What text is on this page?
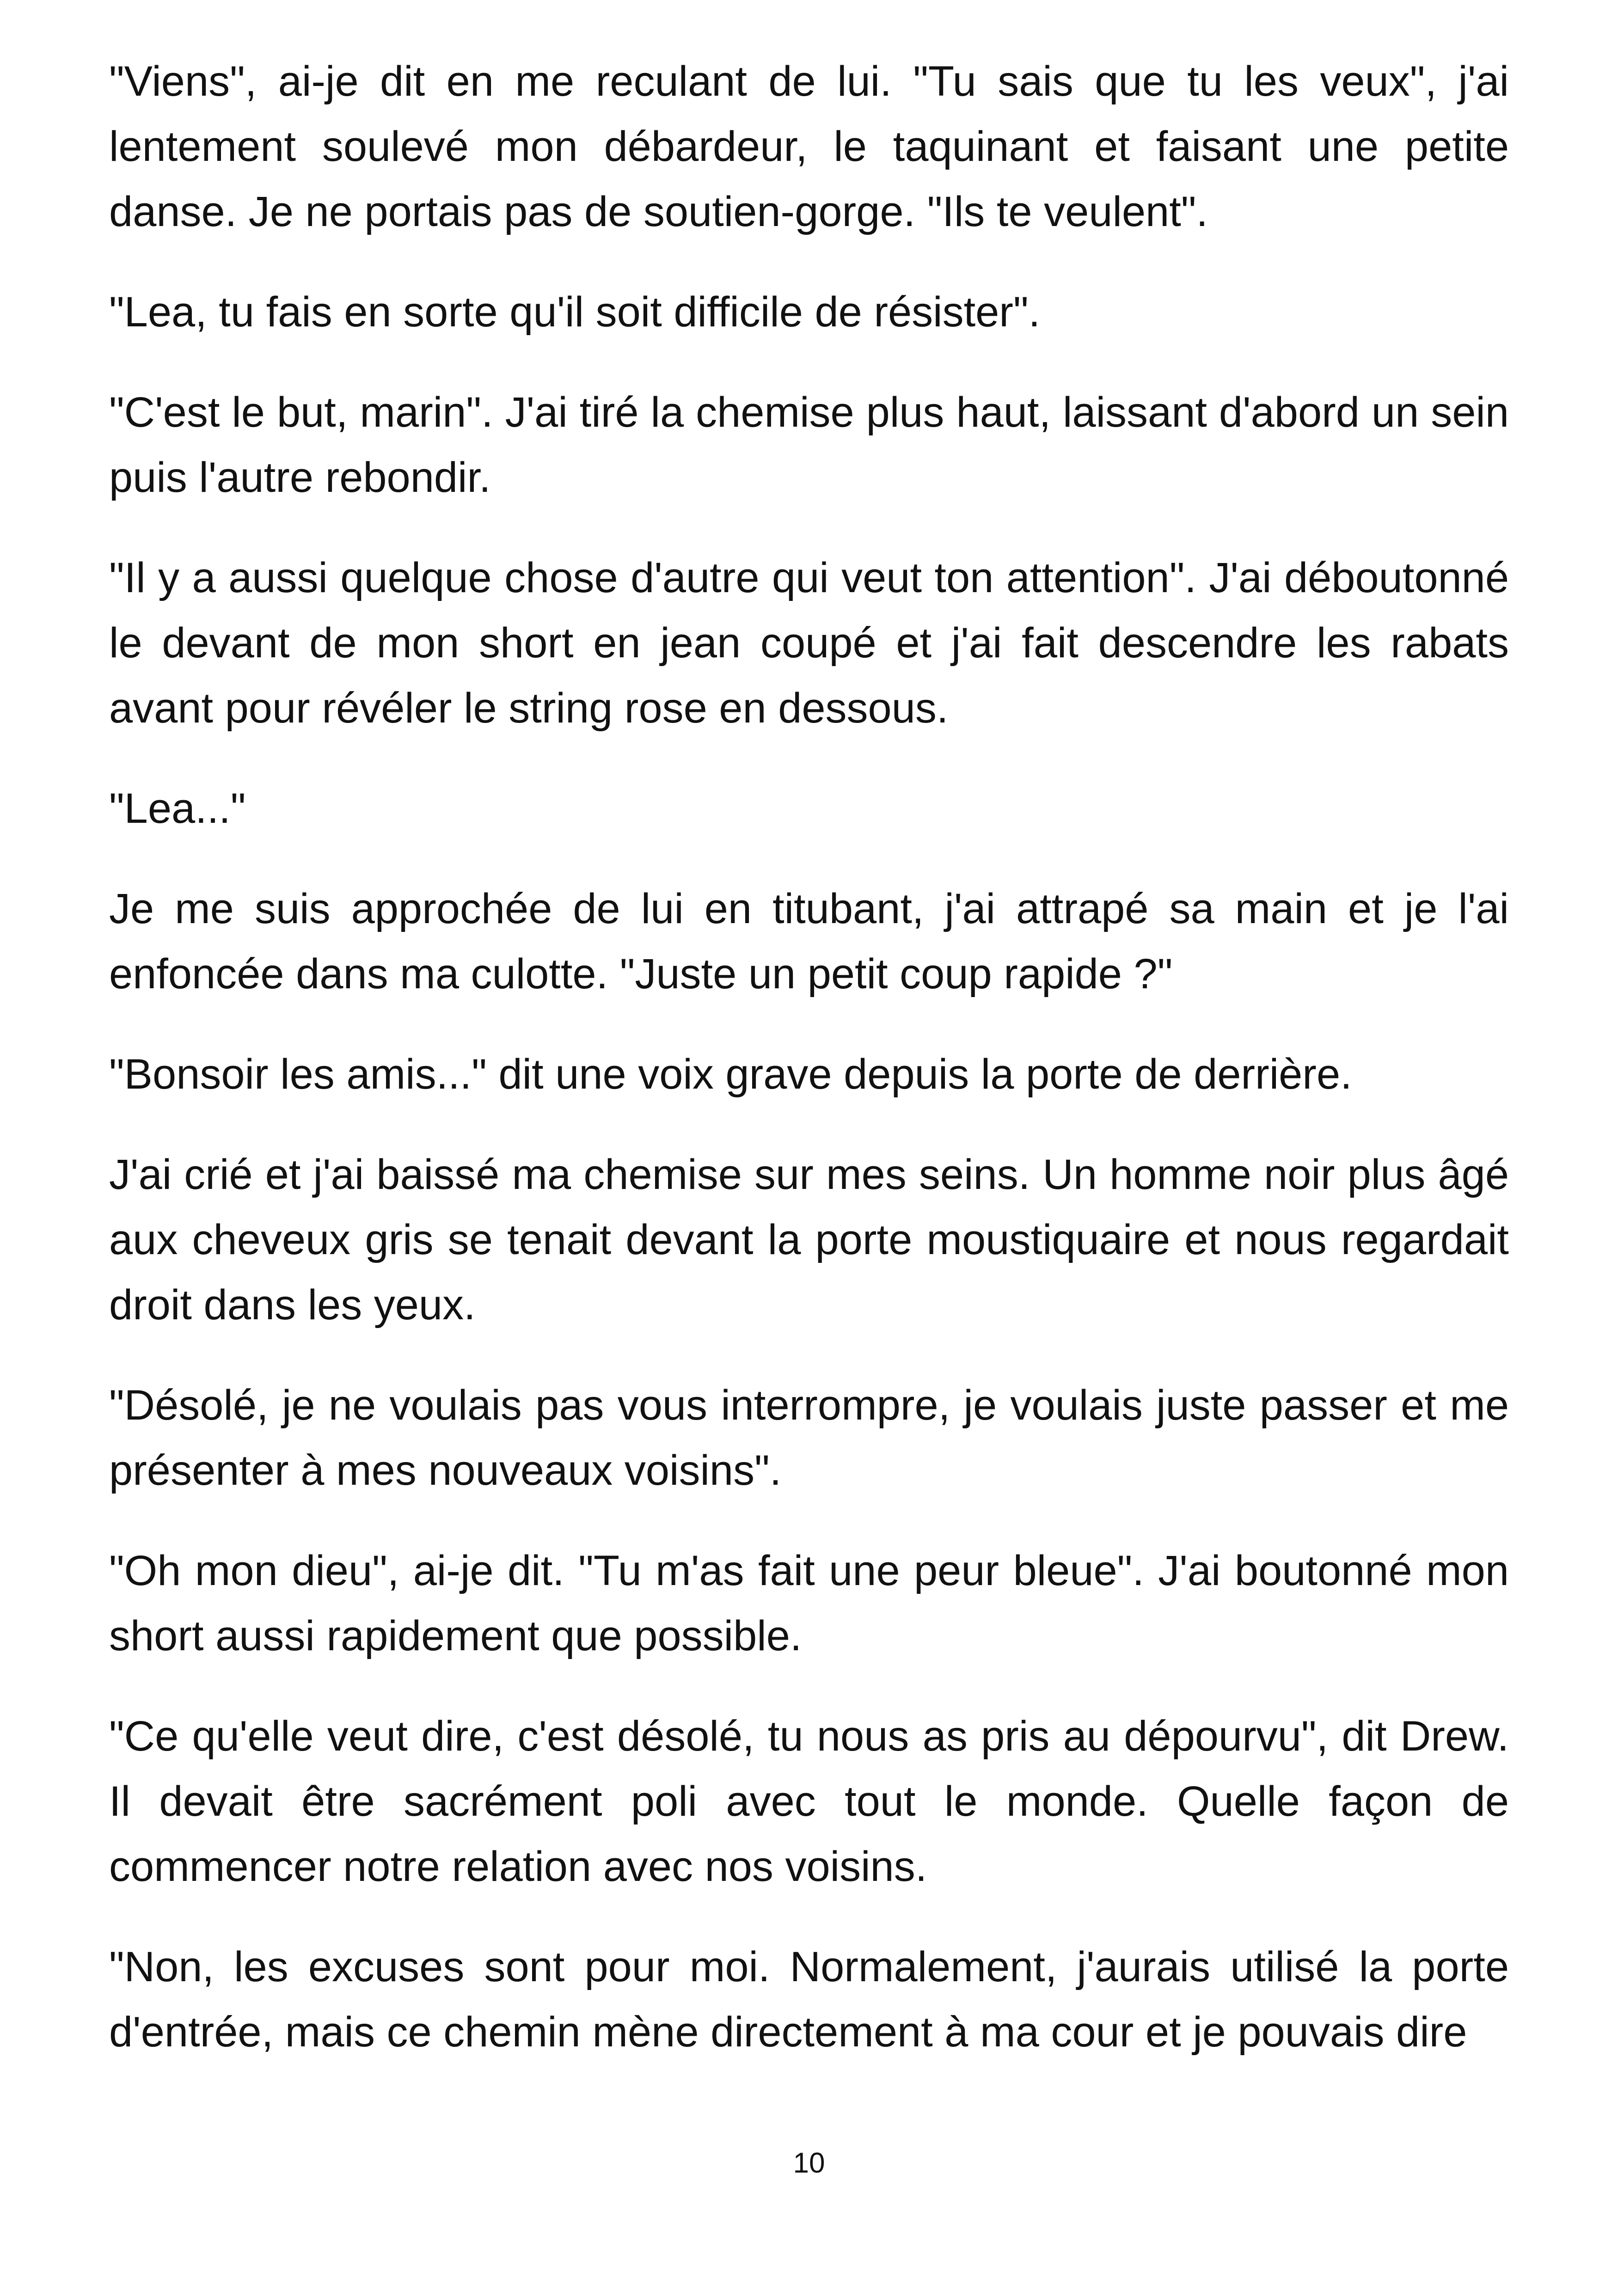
"Viens", ai-je dit en me reculant de lui. "Tu sais que tu les veux", j'ai lentement soulevé mon débardeur, le taquinant et faisant une petite danse. Je ne portais pas de soutien-gorge. "Ils te veulent".

"Lea, tu fais en sorte qu'il soit difficile de résister".

"C'est le but, marin". J'ai tiré la chemise plus haut, laissant d'abord un sein puis l'autre rebondir.

"Il y a aussi quelque chose d'autre qui veut ton attention". J'ai déboutonné le devant de mon short en jean coupé et j'ai fait descendre les rabats avant pour révéler le string rose en dessous.

"Lea..."

Je me suis approchée de lui en titubant, j'ai attrapé sa main et je l'ai enfoncée dans ma culotte. "Juste un petit coup rapide ?"

"Bonsoir les amis..." dit une voix grave depuis la porte de derrière.

J'ai crié et j'ai baissé ma chemise sur mes seins. Un homme noir plus âgé aux cheveux gris se tenait devant la porte moustiquaire et nous regardait droit dans les yeux.

"Désolé, je ne voulais pas vous interrompre, je voulais juste passer et me présenter à mes nouveaux voisins".

"Oh mon dieu", ai-je dit. "Tu m'as fait une peur bleue". J'ai boutonné mon short aussi rapidement que possible.

"Ce qu'elle veut dire, c'est désolé, tu nous as pris au dépourvu", dit Drew. Il devait être sacrément poli avec tout le monde. Quelle façon de commencer notre relation avec nos voisins.

"Non, les excuses sont pour moi. Normalement, j'aurais utilisé la porte d'entrée, mais ce chemin mène directement à ma cour et je pouvais dire

10
